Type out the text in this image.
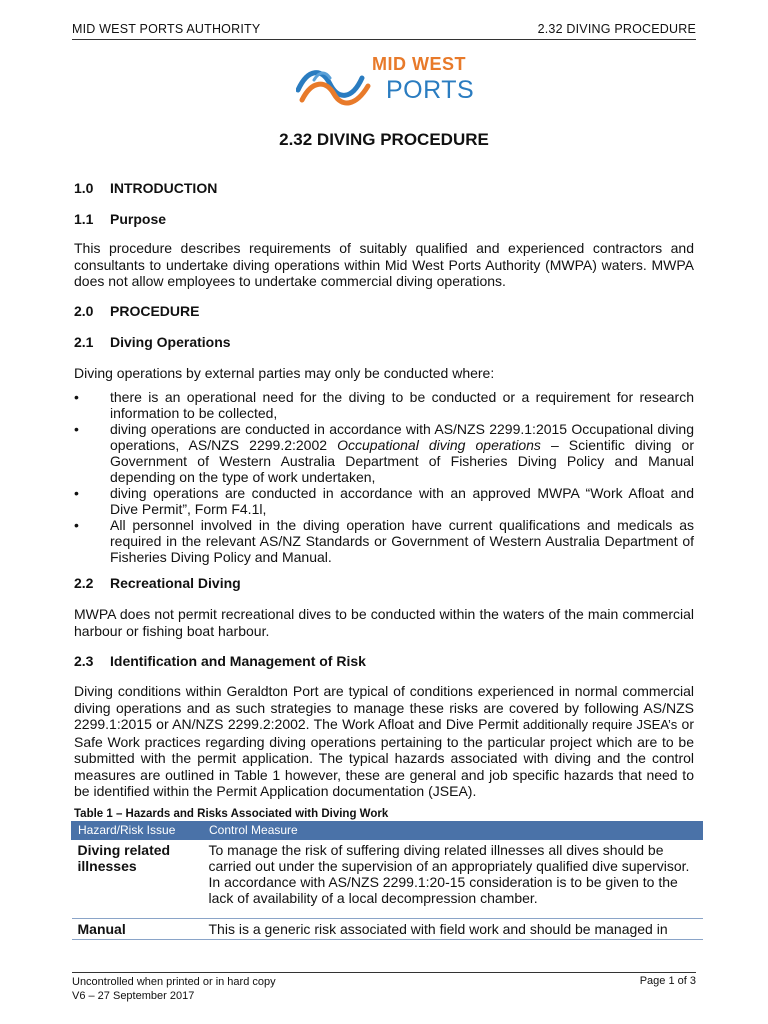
MID WEST PORTS AUTHORITY	2.32 DIVING PROCEDURE
MID WEST
PORTS
2.32 DIVING PROCEDURE
1.0 INTRODUCTION
1.1 Purpose
This procedure describes requirements of suitably qualified and experienced contractors and consultants to undertake diving operations within Mid West Ports Authority (MWPA) waters. MWPA does not allow employees to undertake commercial diving operations.
2.0 PROCEDURE
2.1 Diving Operations
Diving operations by external parties may only be conducted where:
• there is an operational need for the diving to be conducted or a requirement for research information to be collected,
• diving operations are conducted in accordance with AS/NZS 2299.1:2015 Occupational diving operations, AS/NZS 2299.2:2002 Occupational diving operations – Scientific diving or Government of Western Australia Department of Fisheries Diving Policy and Manual depending on the type of work undertaken,
• diving operations are conducted in accordance with an approved MWPA “Work Afloat and Dive Permit”, Form F4.1l,
• All personnel involved in the diving operation have current qualifications and medicals as required in the relevant AS/NZ Standards or Government of Western Australia Department of Fisheries Diving Policy and Manual.
2.2 Recreational Diving
MWPA does not permit recreational dives to be conducted within the waters of the main commercial harbour or fishing boat harbour.
2.3 Identification and Management of Risk
Diving conditions within Geraldton Port are typical of conditions experienced in normal commercial diving operations and as such strategies to manage these risks are covered by following AS/NZS 2299.1:2015 or AN/NZS 2299.2:2002. The Work Afloat and Dive Permit additionally require JSEA’s or Safe Work practices regarding diving operations pertaining to the particular project which are to be submitted with the permit application. The typical hazards associated with diving and the control measures are outlined in Table 1 however, these are general and job specific hazards that need to be identified within the Permit Application documentation (JSEA).
Table 1 – Hazards and Risks Associated with Diving Work
Hazard/Risk Issue	Control Measure
Diving related illnesses	To manage the risk of suffering diving related illnesses all dives should be carried out under the supervision of an appropriately qualified dive supervisor. In accordance with AS/NZS 2299.1:20-15 consideration is to be given to the lack of availability of a local decompression chamber.
Manual	This is a generic risk associated with field work and should be managed in
Uncontrolled when printed or in hard copy
V6 – 27 September 2017
Page 1 of 3
